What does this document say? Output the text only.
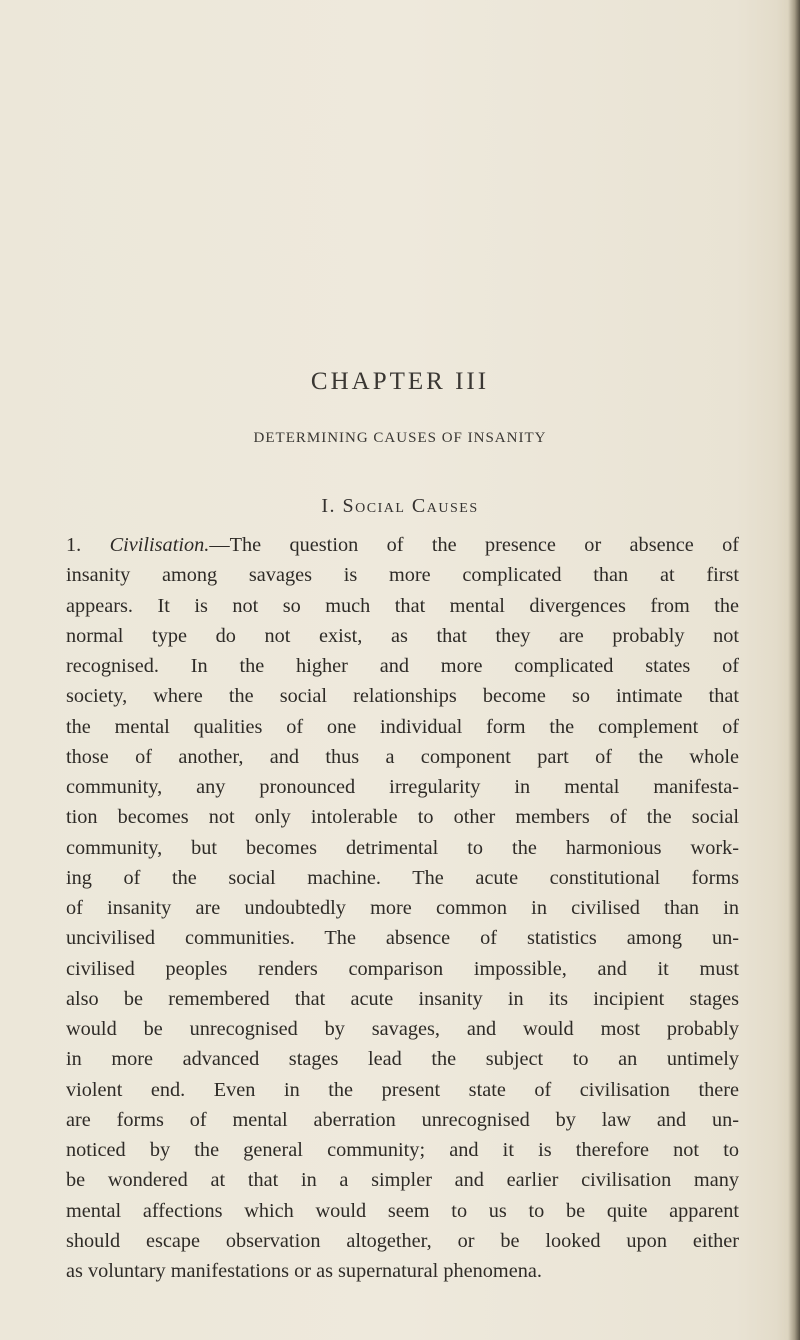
CHAPTER III
DETERMINING CAUSES OF INSANITY
I. Social Causes
1. Civilisation.—The question of the presence or absence of
insanity among savages is more complicated than at first
appears. It is not so much that mental divergences from the
normal type do not exist, as that they are probably not
recognised. In the higher and more complicated states of
society, where the social relationships become so intimate that
the mental qualities of one individual form the complement of
those of another, and thus a component part of the whole
community, any pronounced irregularity in mental manifesta-
tion becomes not only intolerable to other members of the social
community, but becomes detrimental to the harmonious work-
ing of the social machine. The acute constitutional forms
of insanity are undoubtedly more common in civilised than in
uncivilised communities. The absence of statistics among un-
civilised peoples renders comparison impossible, and it must
also be remembered that acute insanity in its incipient stages
would be unrecognised by savages, and would most probably
in more advanced stages lead the subject to an untimely
violent end. Even in the present state of civilisation there
are forms of mental aberration unrecognised by law and un-
noticed by the general community; and it is therefore not to
be wondered at that in a simpler and earlier civilisation many
mental affections which would seem to us to be quite apparent
should escape observation altogether, or be looked upon either
as voluntary manifestations or as supernatural phenomena.
